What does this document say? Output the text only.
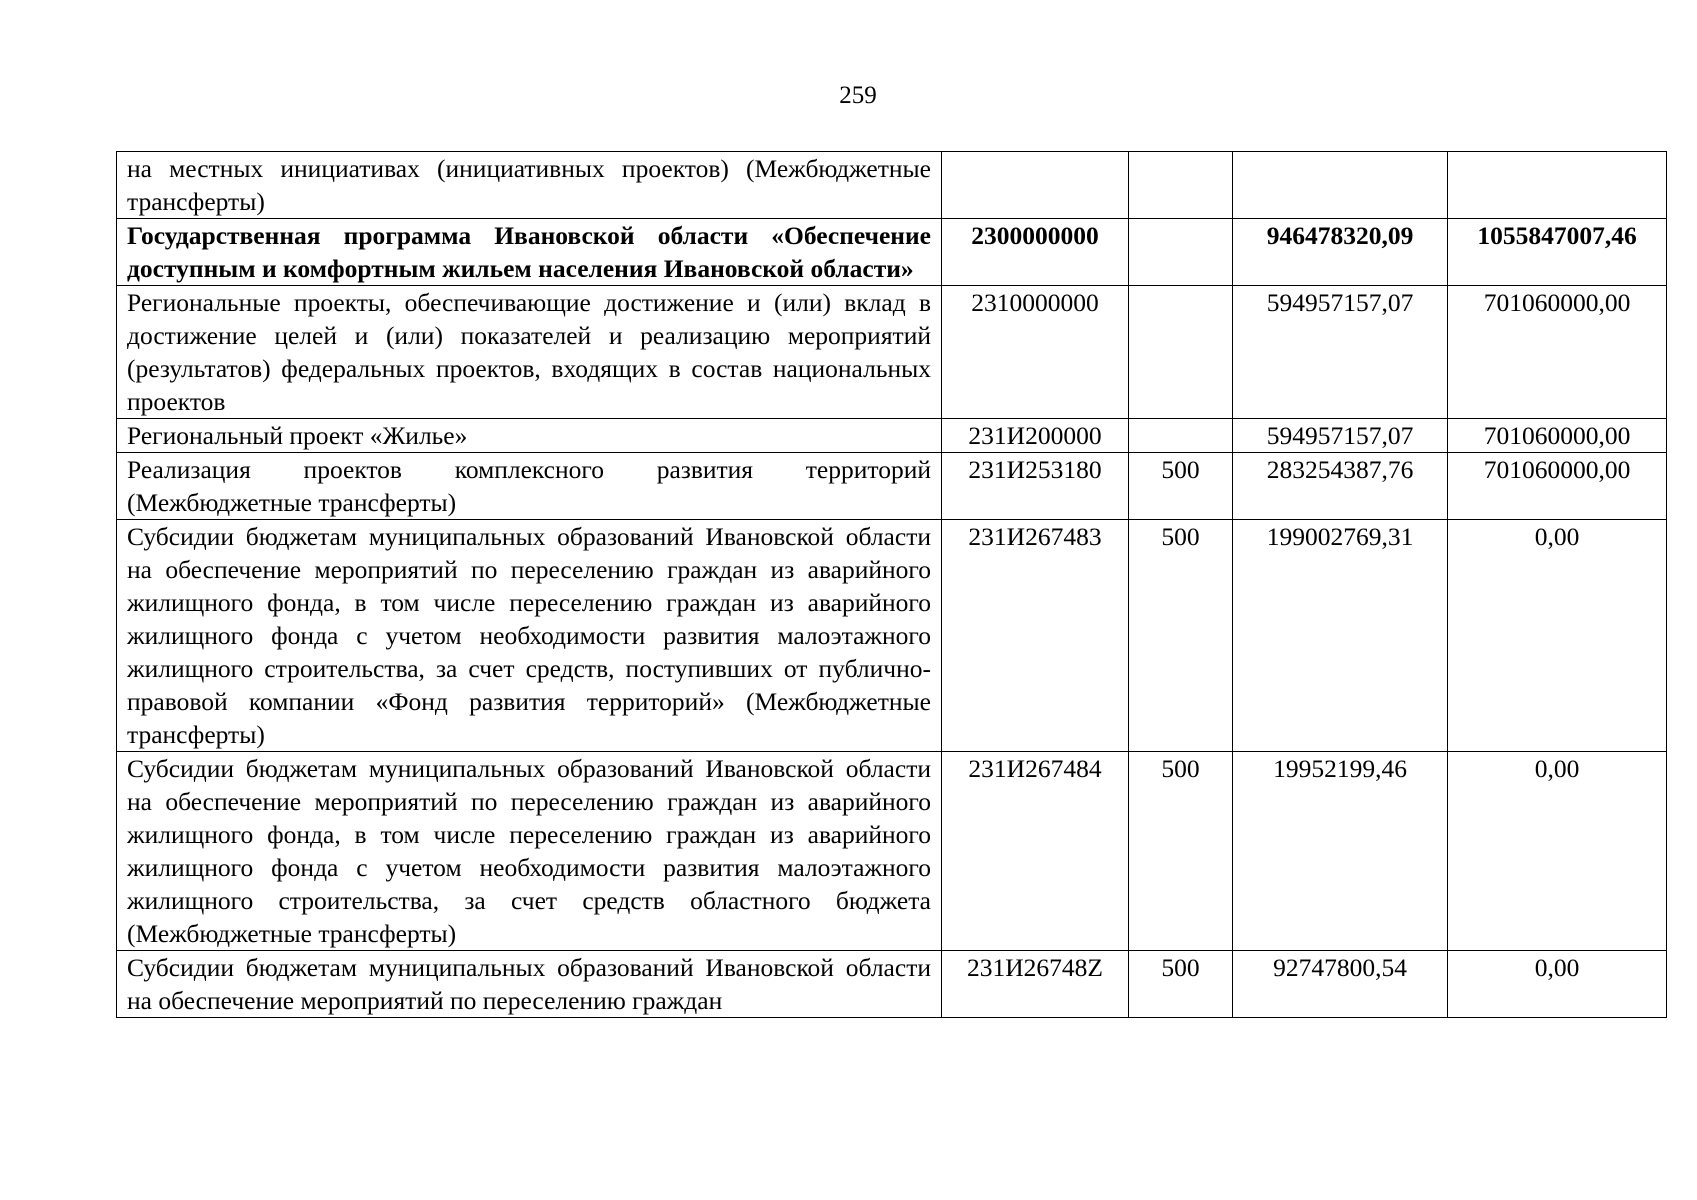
259
на местных инициативах (инициативных проектов) (Межбюджетные трансферты)				
Государственная программа Ивановской области «Обеспечение доступным и комфортным жильем населения Ивановской области»	2300000000		946478320,09	1055847007,46
Региональные проекты, обеспечивающие достижение и (или) вклад в достижение целей и (или) показателей и реализацию мероприятий (результатов) федеральных проектов, входящих в состав национальных проектов	2310000000		594957157,07	701060000,00
Региональный проект «Жилье»	231И200000		594957157,07	701060000,00
Реализация проектов комплексного развития территорий (Межбюджетные трансферты)	231И253180	500	283254387,76	701060000,00
Субсидии бюджетам муниципальных образований Ивановской области на обеспечение мероприятий по переселению граждан из аварийного жилищного фонда, в том числе переселению граждан из аварийного жилищного фонда с учетом необходимости развития малоэтажного жилищного строительства, за счет средств, поступивших от публично-правовой компании «Фонд развития территорий» (Межбюджетные трансферты)	231И267483	500	199002769,31	0,00
Субсидии бюджетам муниципальных образований Ивановской области на обеспечение мероприятий по переселению граждан из аварийного жилищного фонда, в том числе переселению граждан из аварийного жилищного фонда с учетом необходимости развития малоэтажного жилищного строительства, за счет средств областного бюджета (Межбюджетные трансферты)	231И267484	500	19952199,46	0,00
Субсидии бюджетам муниципальных образований Ивановской области на обеспечение мероприятий по переселению граждан	231И26748Z	500	92747800,54	0,00
